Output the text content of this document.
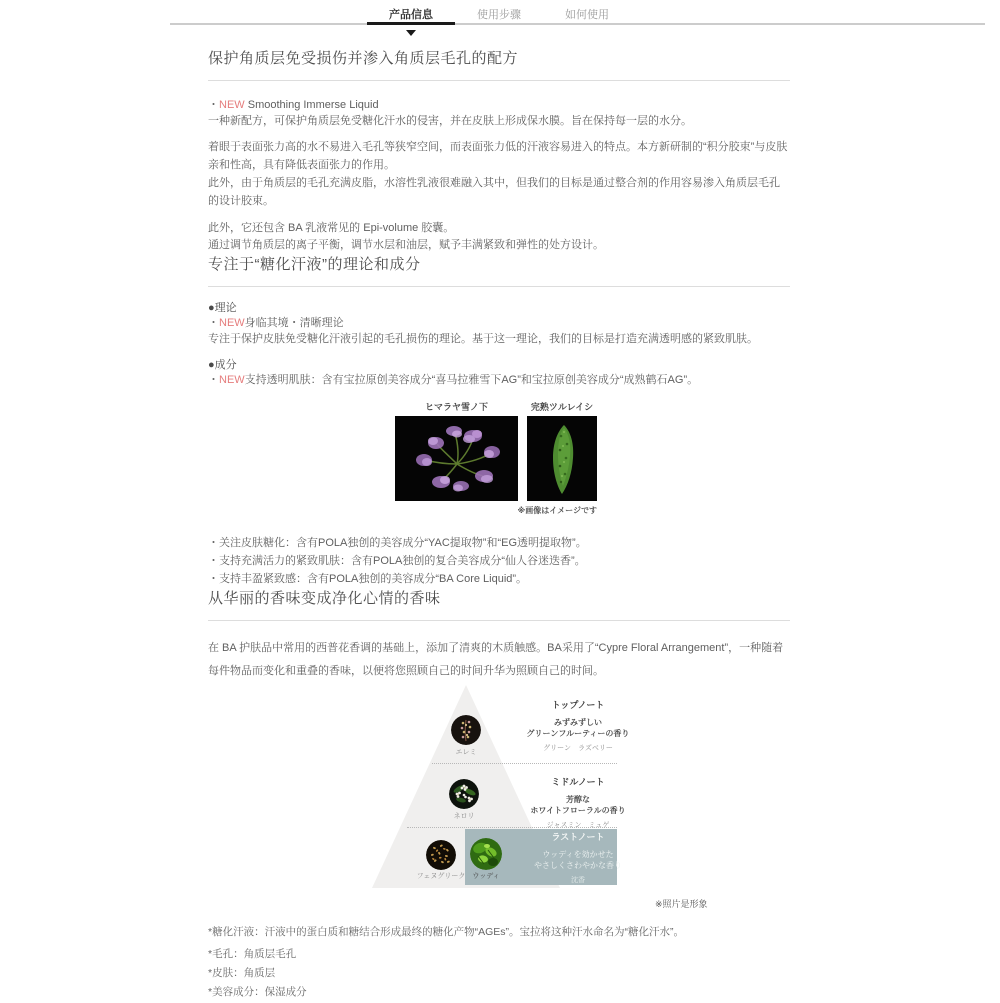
产品信息	使用步骤	如何使用
保护角质层免受损伤并渗入角质层毛孔的配方

・NEW Smoothing Immerse Liquid

一种新配方，可保护角质层免受糖化汗水的侵害，并在皮肤上形成保水膜。旨在保持每一层的水分。

着眼于表面张力高的水不易进入毛孔等狭窄空间，而表面张力低的汗液容易进入的特点。本方新研制的“积分胶束”与皮肤亲和性高，具有降低表面张力的作用。

此外，由于角质层的毛孔充满皮脂，水溶性乳液很难融入其中，但我们的目标是通过整合剂的作用容易渗入角质层毛孔的设计胶束。

此外，它还包含 BA 乳液常见的 Epi-volume 胶囊。

通过调节角质层的离子平衡，调节水层和油层，赋予丰满紧致和弹性的处方设计。

专注于“糖化汗液”的理论和成分

●理论

・NEW身临其境・清晰理论

专注于保护皮肤免受糖化汗液引起的毛孔损伤的理论。基于这一理论，我们的目标是打造充满透明感的紧致肌肤。

●成分

・NEW支持透明肌肤：含有宝拉原创美容成分“喜马拉雅雪下AG”和宝拉原创美容成分“成熟鹤石AG”。

ヒマラヤ雪ノ下	完熟ツルレイシ
※画像はイメージです

・关注皮肤糖化：含有POLA独创的美容成分“YAC提取物”和“EG透明提取物”。

・支持充满活力的紧致肌肤：含有POLA独创的复合美容成分“仙人谷迷迭香”。

・支持丰盈紧致感：含有POLA独创的美容成分“BA Core Liquid”。

从华丽的香味变成净化心情的香味

在 BA 护肤品中常用的西普花香调的基础上，添加了清爽的木质触感。BA采用了“Cypre Floral Arrangement”，一种随着每件物品而变化和重叠的香味，以便将您照顾自己的时间升华为照顾自己的时间。

エレミ
ネロリ
フェヌグリーク	ウッディ
トップノート
みずみずしい
グリーンフルーティーの香り
グリーン　ラズベリー
ミドルノート
芳醇な
ホワイトフローラルの香り
ジャスミン　ミュゲ
ラストノート
ウッディを効かせた
やさしくさわやかな香り
沈香
※照片是形象
*糖化汗液：汗液中的蛋白质和糖结合形成最终的糖化产物“AGEs”。宝拉将这种汗水命名为“糖化汗水”。
*毛孔：角质层毛孔
*皮肤：角质层
*美容成分：保湿成分
